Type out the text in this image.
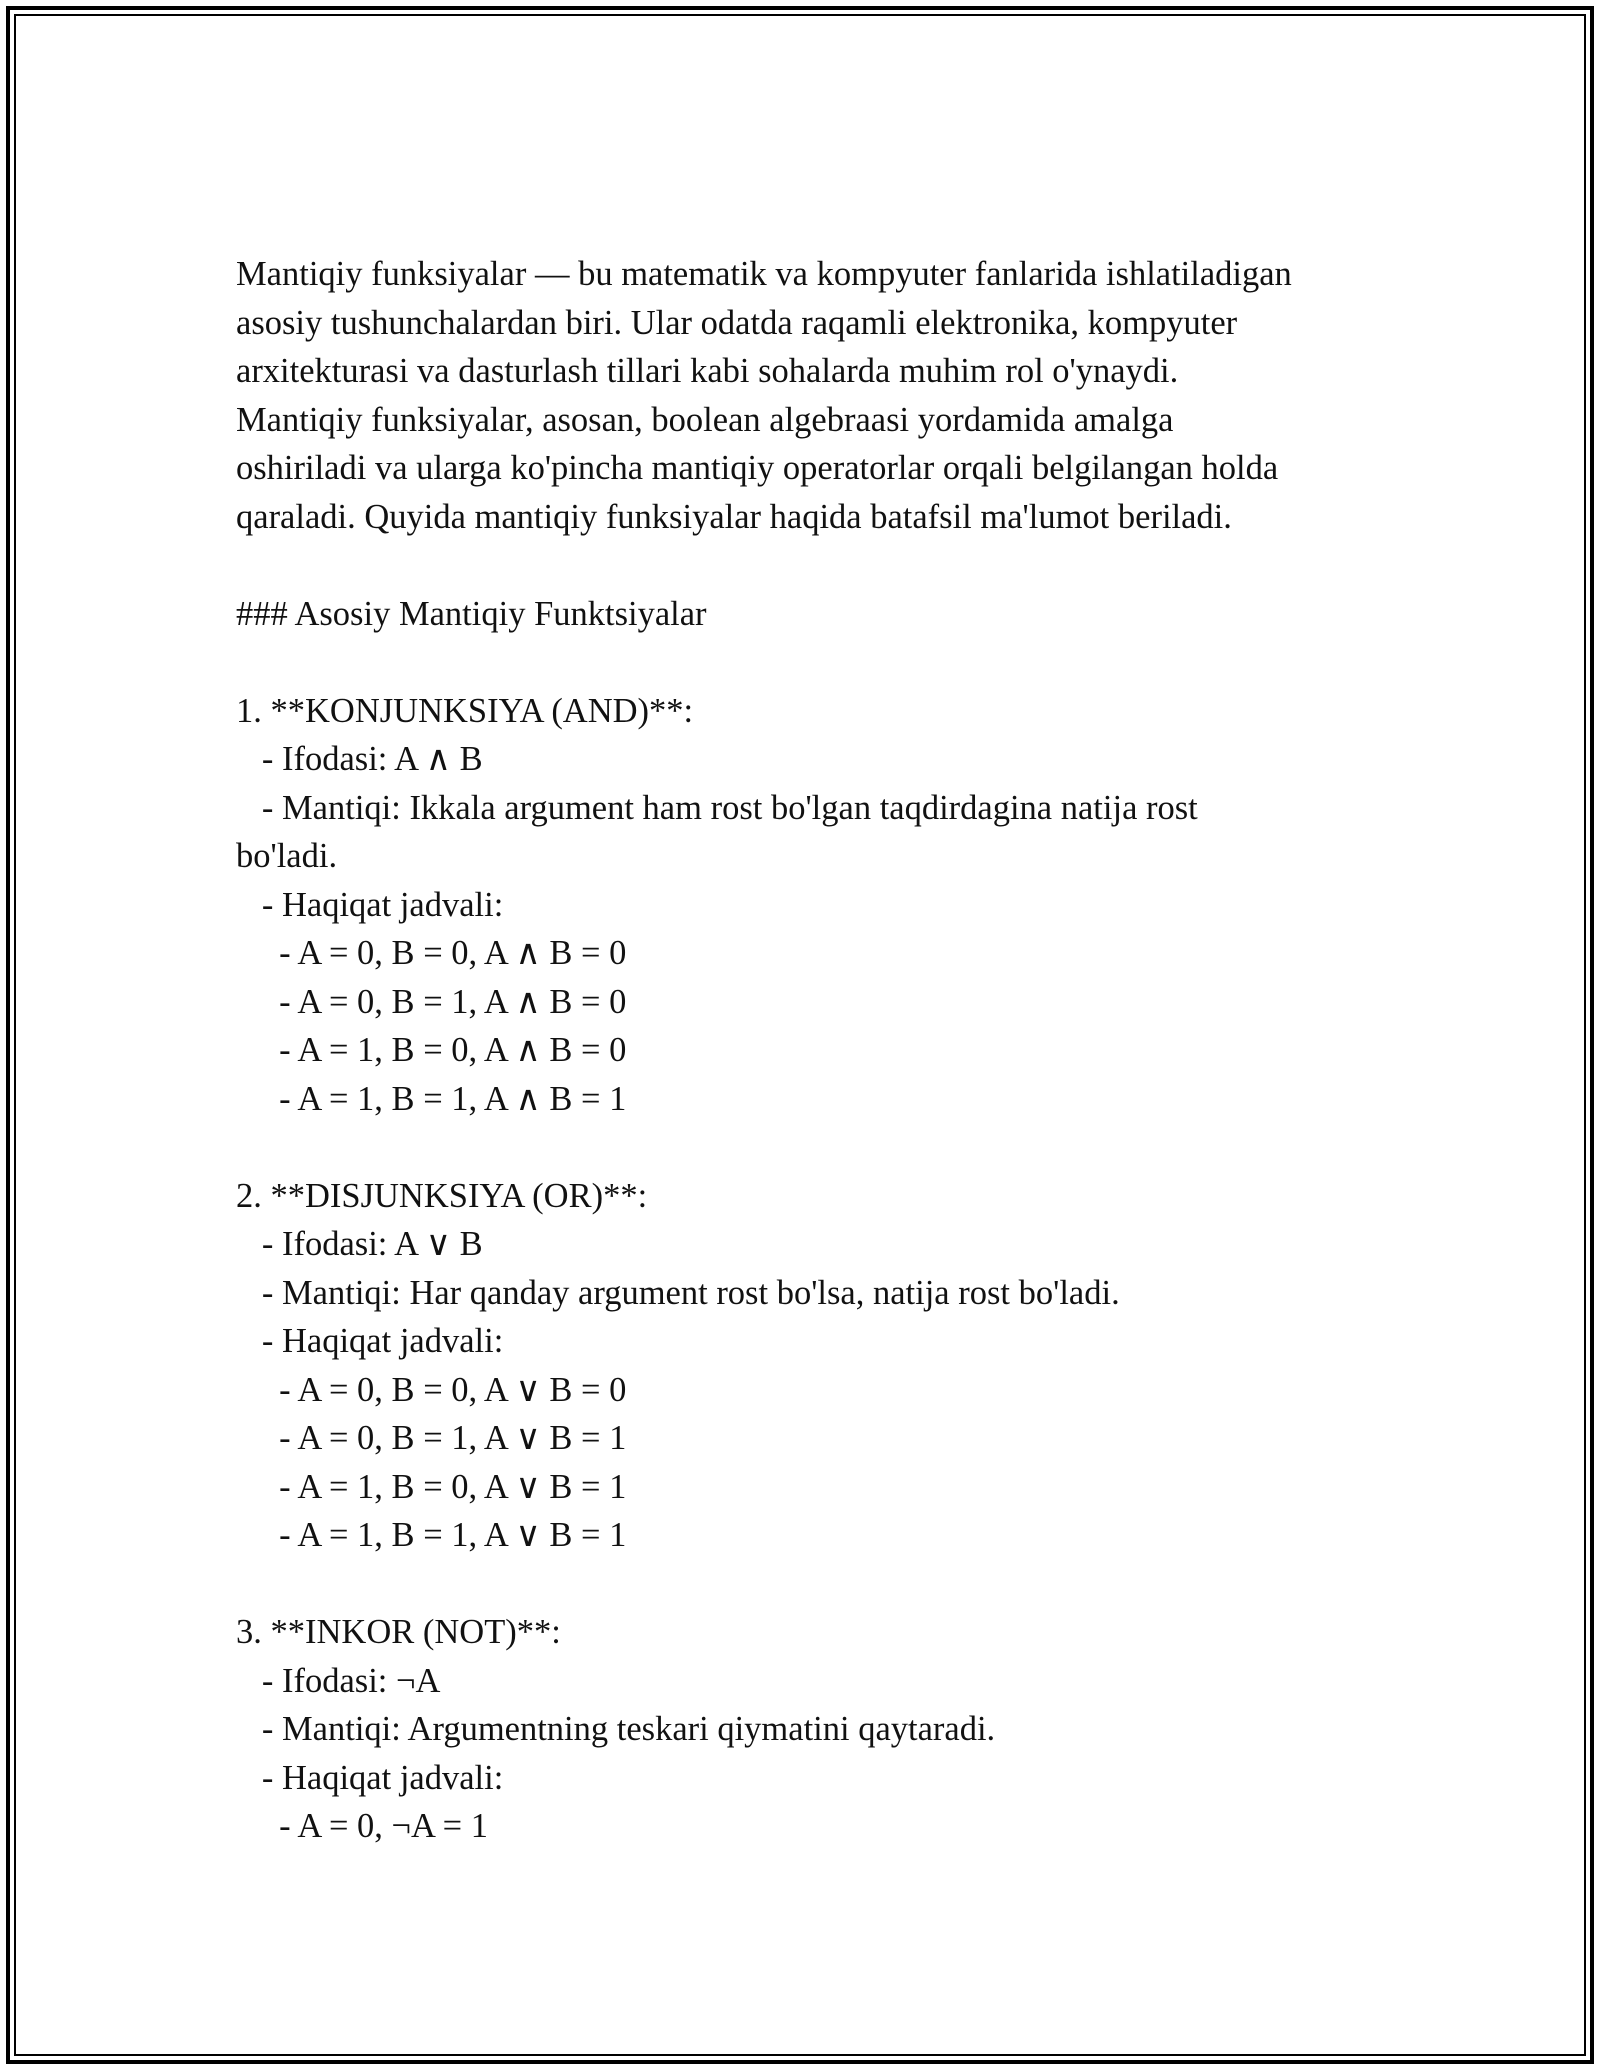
Mantiqiy funksiyalar — bu matematik va kompyuter fanlarida ishlatiladigan
asosiy tushunchalardan biri. Ular odatda raqamli elektronika, kompyuter
arxitekturasi va dasturlash tillari kabi sohalarda muhim rol o'ynaydi.
Mantiqiy funksiyalar, asosan, boolean algebraasi yordamida amalga
oshiriladi va ularga ko'pincha mantiqiy operatorlar orqali belgilangan holda
qaraladi. Quyida mantiqiy funksiyalar haqida batafsil ma'lumot beriladi.
### Asosiy Mantiqiy Funktsiyalar
1. **KONJUNKSIYA (AND)**:
- Ifodasi: A ∧ B
- Mantiqi: Ikkala argument ham rost bo'lgan taqdirdagina natija rost
bo'ladi.
- Haqiqat jadvali:
- A = 0, B = 0, A ∧ B = 0
- A = 0, B = 1, A ∧ B = 0
- A = 1, B = 0, A ∧ B = 0
- A = 1, B = 1, A ∧ B = 1
2. **DISJUNKSIYA (OR)**:
- Ifodasi: A ∨ B
- Mantiqi: Har qanday argument rost bo'lsa, natija rost bo'ladi.
- Haqiqat jadvali:
- A = 0, B = 0, A ∨ B = 0
- A = 0, B = 1, A ∨ B = 1
- A = 1, B = 0, A ∨ B = 1
- A = 1, B = 1, A ∨ B = 1
3. **INKOR (NOT)**:
- Ifodasi: ¬A
- Mantiqi: Argumentning teskari qiymatini qaytaradi.
- Haqiqat jadvali:
- A = 0, ¬A = 1
